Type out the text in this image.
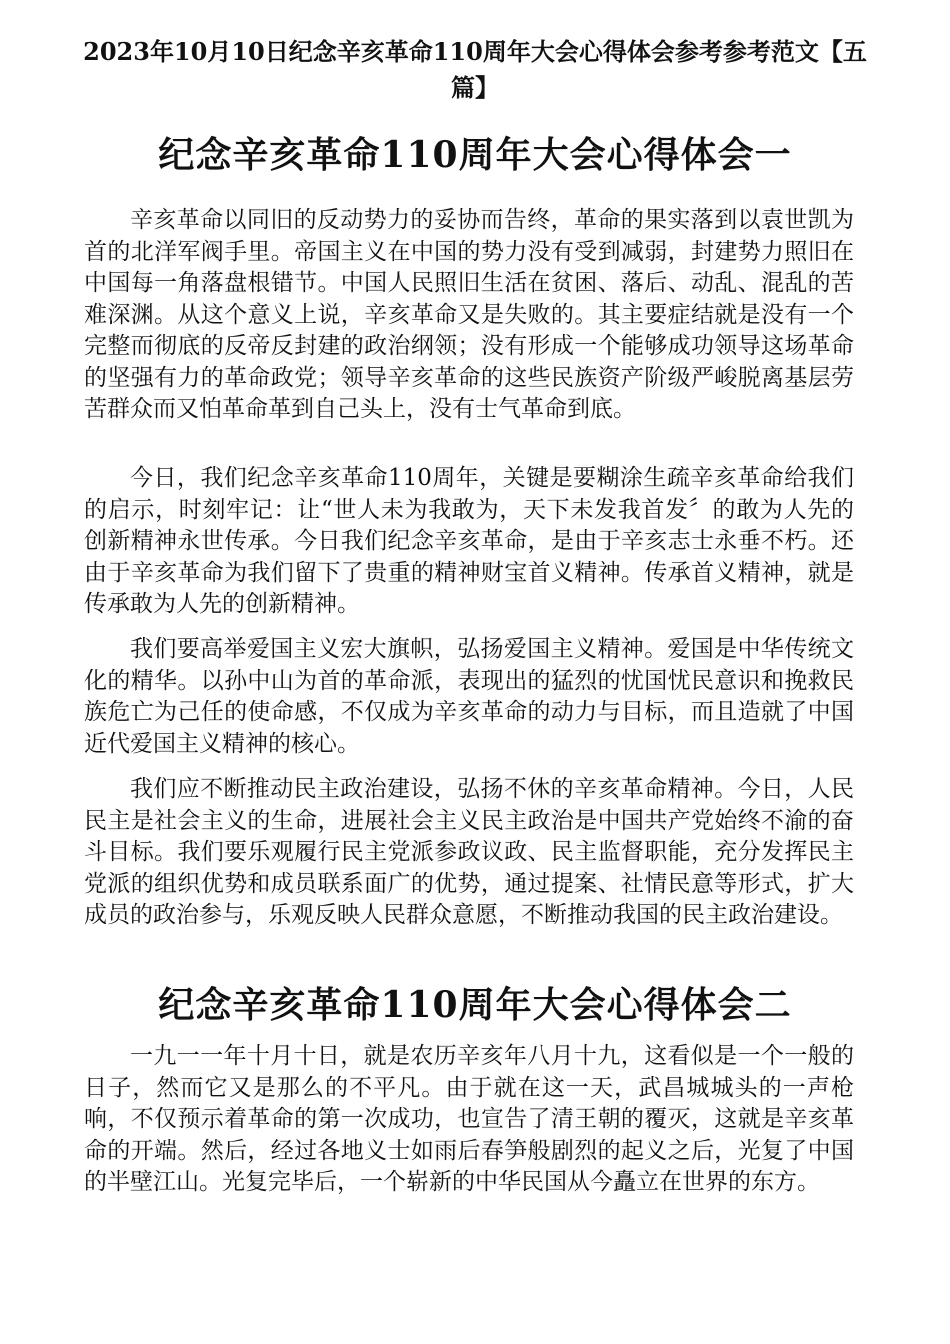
2023年10月10日纪念辛亥革命110周年大会心得体会参考参考范文【五篇】
纪念辛亥革命110周年大会心得体会一

辛亥革命以同旧的反动势力的妥协而告终，革命的果实落到以袁世凯为首的北洋军阀手里。帝国主义在中国的势力没有受到减弱，封建势力照旧在中国每一角落盘根错节。中国人民照旧生活在贫困、落后、动乱、混乱的苦难深渊。从这个意义上说，辛亥革命又是失败的。其主要症结就是没有一个完整而彻底的反帝反封建的政治纲领；没有形成一个能够成功领导这场革命的坚强有力的革命政党；领导辛亥革命的这些民族资产阶级严峻脱离基层劳苦群众而又怕革命革到自己头上，没有士气革命到底。

今日，我们纪念辛亥革命110周年，关键是要糊涂生疏辛亥革命给我们的启示，时刻牢记：让“世人未为我敢为，天下未发我首发〞的敢为人先的创新精神永世传承。今日我们纪念辛亥革命，是由于辛亥志士永垂不朽。还由于辛亥革命为我们留下了贵重的精神财宝首义精神。传承首义精神，就是传承敢为人先的创新精神。

我们要高举爱国主义宏大旗帜，弘扬爱国主义精神。爱国是中华传统文化的精华。以孙中山为首的革命派，表现出的猛烈的忧国忧民意识和挽救民族危亡为己任的使命感，不仅成为辛亥革命的动力与目标，而且造就了中国近代爱国主义精神的核心。

我们应不断推动民主政治建设，弘扬不休的辛亥革命精神。今日，人民民主是社会主义的生命，进展社会主义民主政治是中国共产党始终不渝的奋斗目标。我们要乐观履行民主党派参政议政、民主监督职能，充分发挥民主党派的组织优势和成员联系面广的优势，通过提案、社情民意等形式，扩大成员的政治参与，乐观反映人民群众意愿，不断推动我国的民主政治建设。

纪念辛亥革命110周年大会心得体会二

一九一一年十月十日，就是农历辛亥年八月十九，这看似是一个一般的日子，然而它又是那么的不平凡。由于就在这一天，武昌城城头的一声枪响，不仅预示着革命的第一次成功，也宣告了清王朝的覆灭，这就是辛亥革命的开端。然后，经过各地义士如雨后春笋般剧烈的起义之后，光复了中国的半壁江山。光复完毕后，一个崭新的中华民国从今矗立在世界的东方。
